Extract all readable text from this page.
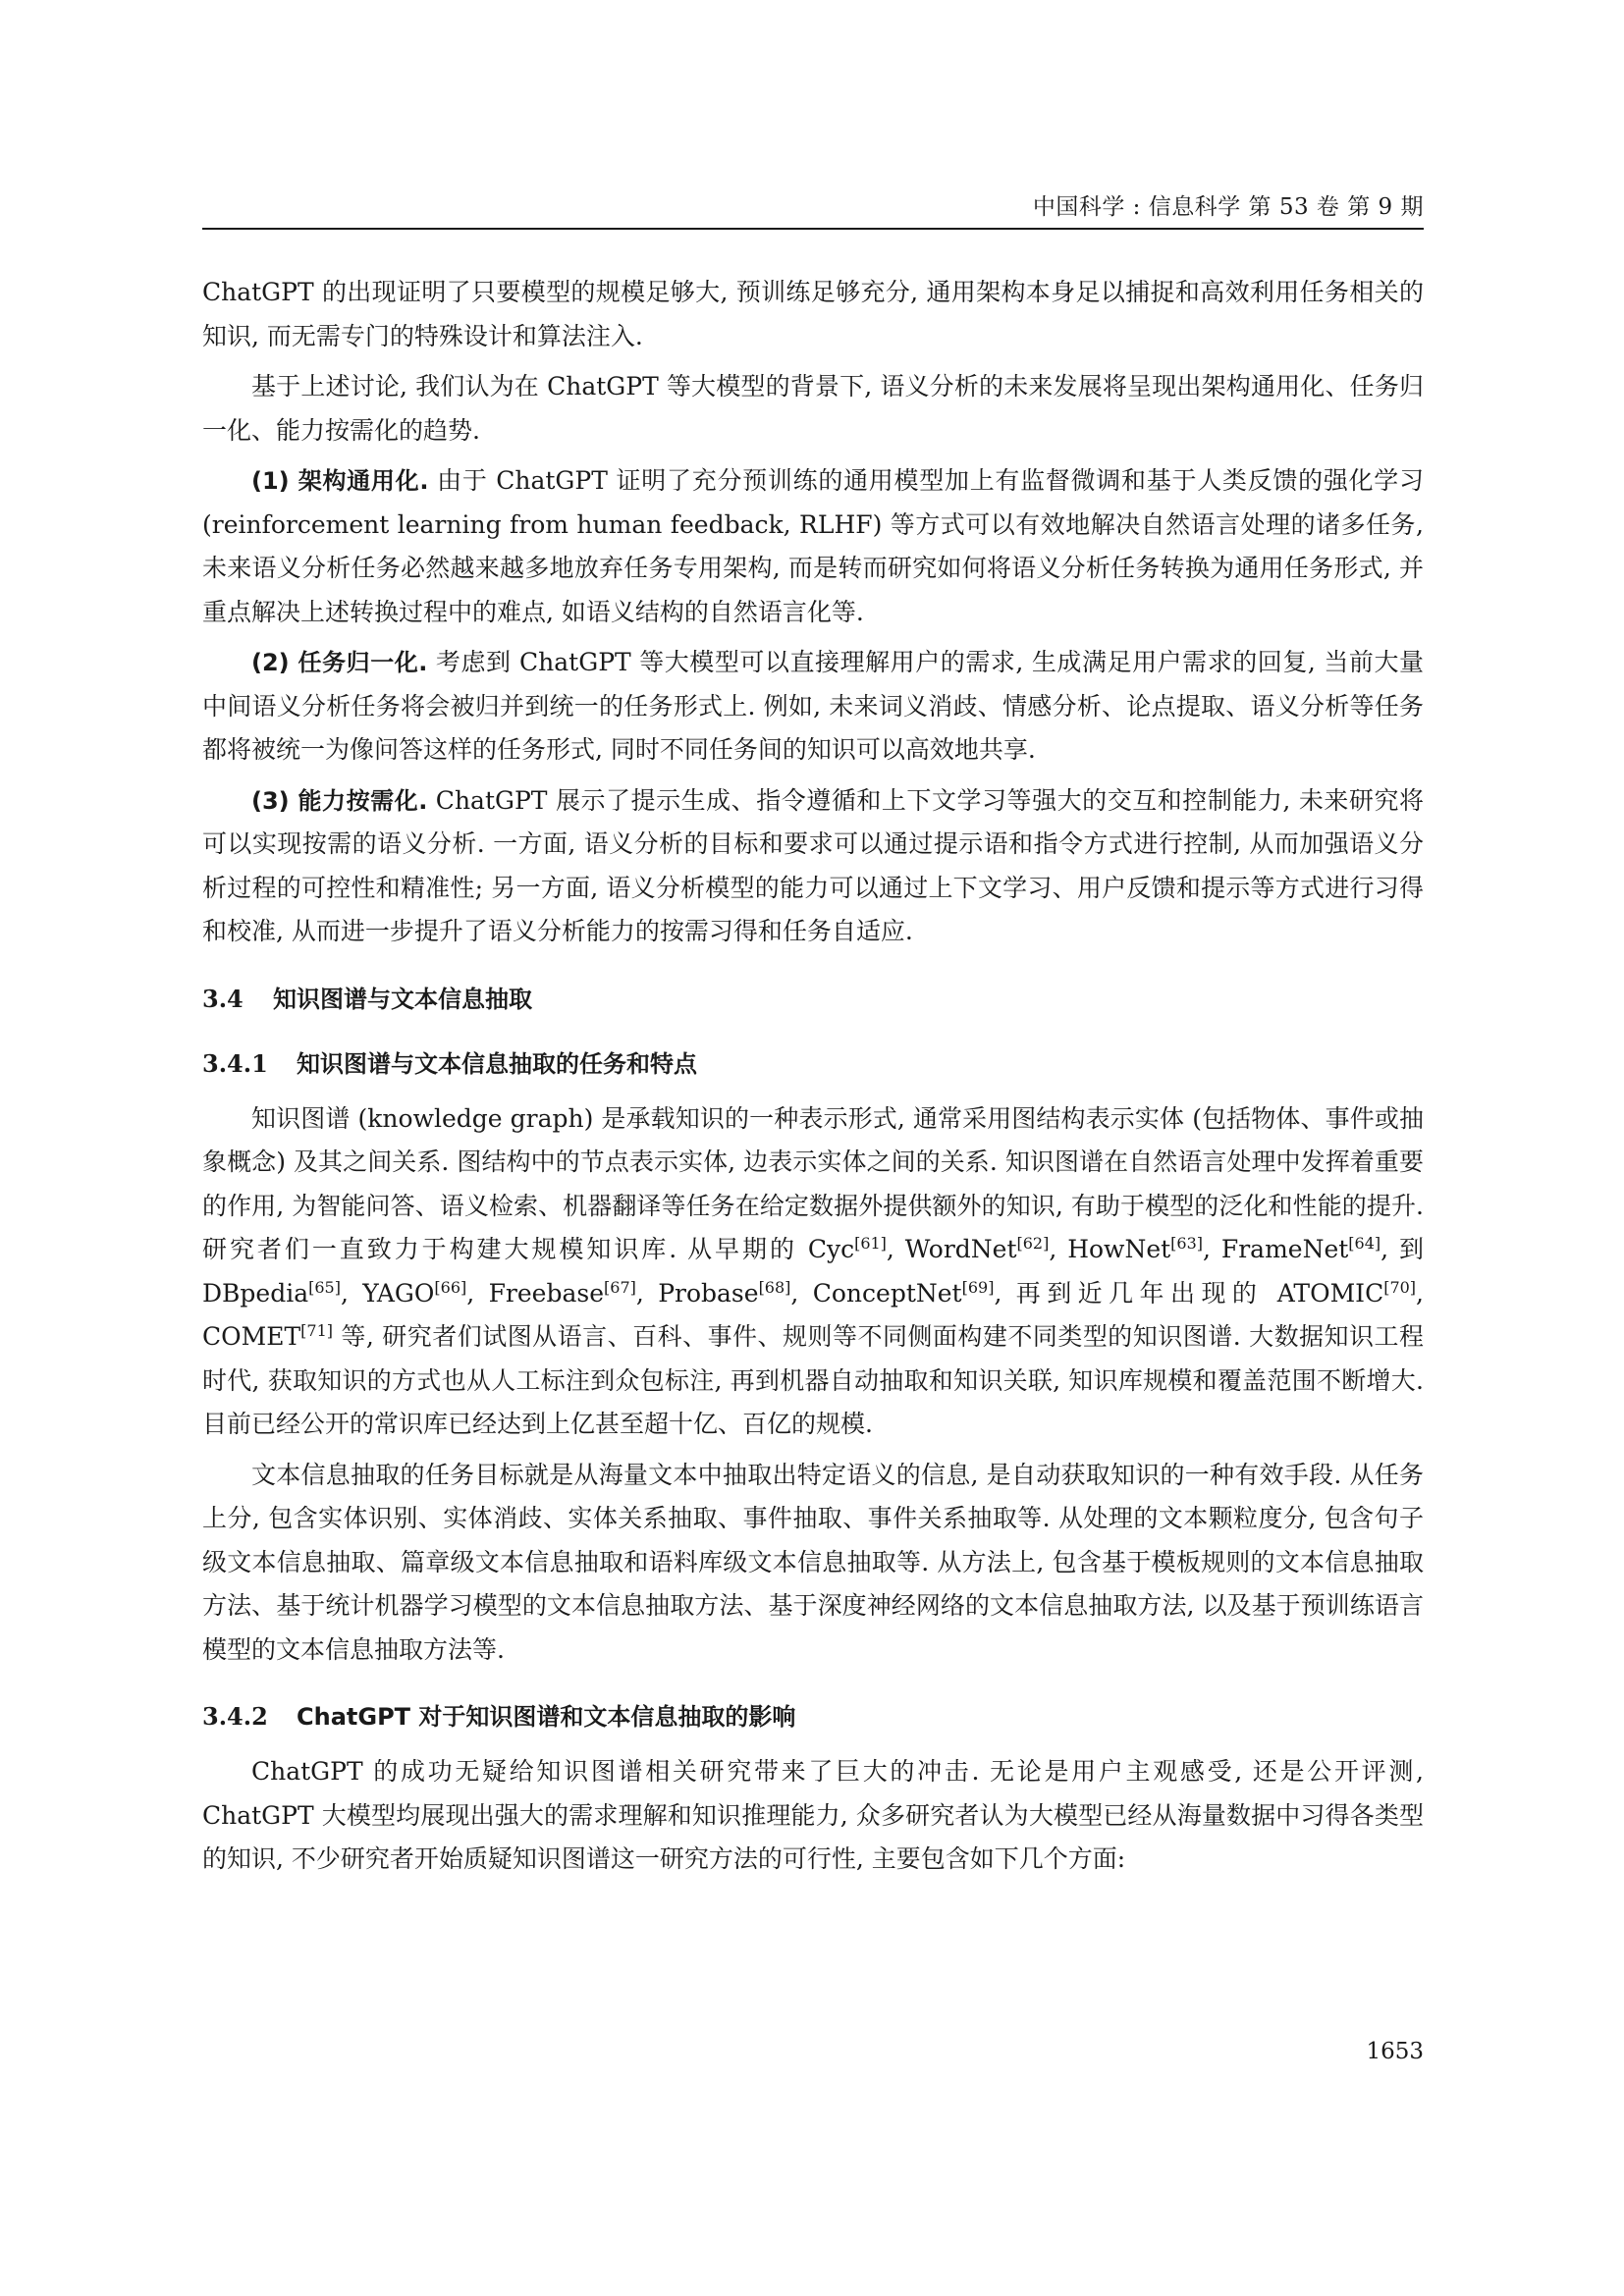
中国科学 : 信息科学 第 53 卷 第 9 期

ChatGPT 的出现证明了只要模型的规模足够大, 预训练足够充分, 通用架构本身足以捕捉和高效利用任务相关的知识, 而无需专门的特殊设计和算法注入.

基于上述讨论, 我们认为在 ChatGPT 等大模型的背景下, 语义分析的未来发展将呈现出架构通用化、任务归一化、能力按需化的趋势.

(1) 架构通用化. 由于 ChatGPT 证明了充分预训练的通用模型加上有监督微调和基于人类反馈的强化学习 (reinforcement learning from human feedback, RLHF) 等方式可以有效地解决自然语言处理的诸多任务, 未来语义分析任务必然越来越多地放弃任务专用架构, 而是转而研究如何将语义分析任务转换为通用任务形式, 并重点解决上述转换过程中的难点, 如语义结构的自然语言化等.

(2) 任务归一化. 考虑到 ChatGPT 等大模型可以直接理解用户的需求, 生成满足用户需求的回复, 当前大量中间语义分析任务将会被归并到统一的任务形式上. 例如, 未来词义消歧、情感分析、论点提取、语义分析等任务都将被统一为像问答这样的任务形式, 同时不同任务间的知识可以高效地共享.

(3) 能力按需化. ChatGPT 展示了提示生成、指令遵循和上下文学习等强大的交互和控制能力, 未来研究将可以实现按需的语义分析. 一方面, 语义分析的目标和要求可以通过提示语和指令方式进行控制, 从而加强语义分析过程的可控性和精准性; 另一方面, 语义分析模型的能力可以通过上下文学习、用户反馈和提示等方式进行习得和校准, 从而进一步提升了语义分析能力的按需习得和任务自适应.

3.4 知识图谱与文本信息抽取
3.4.1 知识图谱与文本信息抽取的任务和特点

知识图谱 (knowledge graph) 是承载知识的一种表示形式, 通常采用图结构表示实体 (包括物体、事件或抽象概念) 及其之间关系. 图结构中的节点表示实体, 边表示实体之间的关系. 知识图谱在自然语言处理中发挥着重要的作用, 为智能问答、语义检索、机器翻译等任务在给定数据外提供额外的知识, 有助于模型的泛化和性能的提升. 研究者们一直致力于构建大规模知识库. 从早期的 Cyc[61], WordNet[62], HowNet[63], FrameNet[64], 到 DBpedia[65], YAGO[66], Freebase[67], Probase[68], ConceptNet[69], 再到近几年出现的 ATOMIC[70], COMET[71] 等, 研究者们试图从语言、百科、事件、规则等不同侧面构建不同类型的知识图谱. 大数据知识工程时代, 获取知识的方式也从人工标注到众包标注, 再到机器自动抽取和知识关联, 知识库规模和覆盖范围不断增大. 目前已经公开的常识库已经达到上亿甚至超十亿、百亿的规模.

文本信息抽取的任务目标就是从海量文本中抽取出特定语义的信息, 是自动获取知识的一种有效手段. 从任务上分, 包含实体识别、实体消歧、实体关系抽取、事件抽取、事件关系抽取等. 从处理的文本颗粒度分, 包含句子级文本信息抽取、篇章级文本信息抽取和语料库级文本信息抽取等. 从方法上, 包含基于模板规则的文本信息抽取方法、基于统计机器学习模型的文本信息抽取方法、基于深度神经网络的文本信息抽取方法, 以及基于预训练语言模型的文本信息抽取方法等.

3.4.2 ChatGPT 对于知识图谱和文本信息抽取的影响

ChatGPT 的成功无疑给知识图谱相关研究带来了巨大的冲击. 无论是用户主观感受, 还是公开评测, ChatGPT 大模型均展现出强大的需求理解和知识推理能力, 众多研究者认为大模型已经从海量数据中习得各类型的知识, 不少研究者开始质疑知识图谱这一研究方法的可行性, 主要包含如下几个方面:

1653
